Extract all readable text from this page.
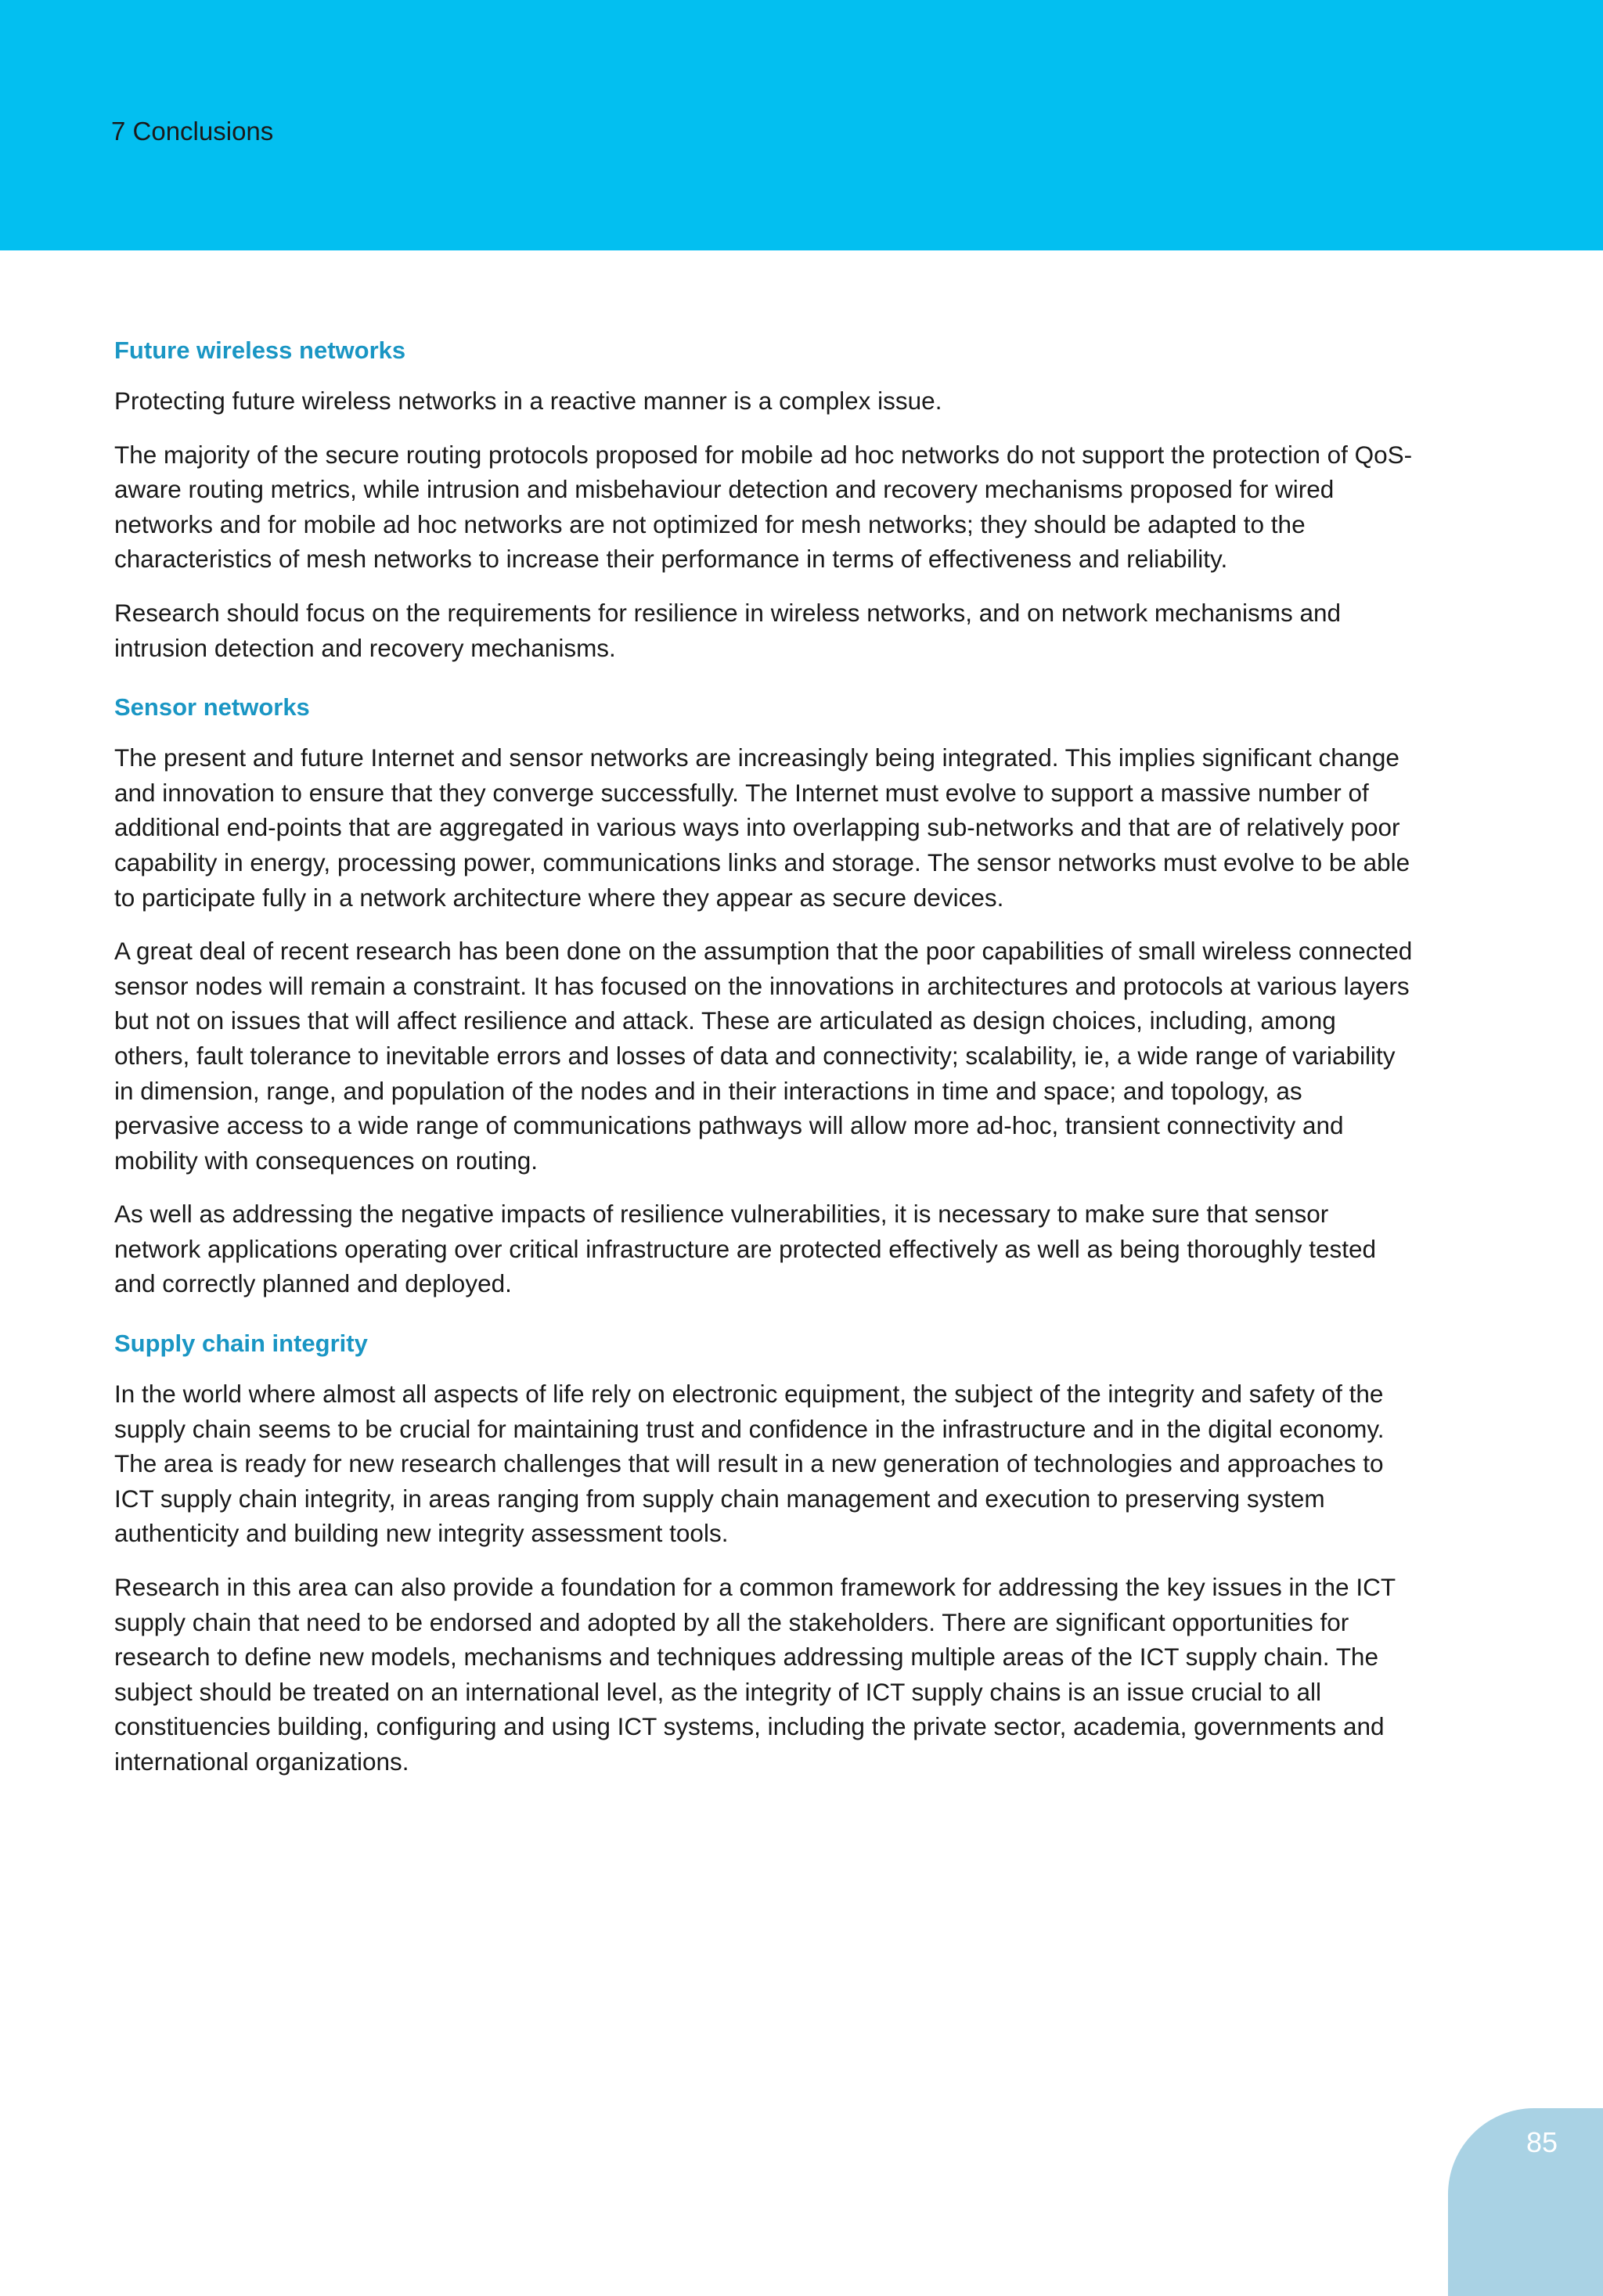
7 Conclusions
Future wireless networks

Protecting future wireless networks in a reactive manner is a complex issue.

The majority of the secure routing protocols proposed for mobile ad hoc networks do not support the protection of QoS-aware routing metrics, while intrusion and misbehaviour detection and recovery mechanisms proposed for wired networks and for mobile ad hoc networks are not optimized for mesh networks; they should be adapted to the characteristics of mesh networks to increase their performance in terms of effectiveness and reliability.

Research should focus on the requirements for resilience in wireless networks, and on network mechanisms and intrusion detection and recovery mechanisms.

Sensor networks

The present and future Internet and sensor networks are increasingly being integrated. This implies significant change and innovation to ensure that they converge successfully. The Internet must evolve to support a massive number of additional end-points that are aggregated in various ways into overlapping sub-networks and that are of relatively poor capability in energy, processing power, communications links and storage. The sensor networks must evolve to be able to participate fully in a network architecture where they appear as secure devices.

A great deal of recent research has been done on the assumption that the poor capabilities of small wireless connected sensor nodes will remain a constraint. It has focused on the innovations in architectures and protocols at various layers but not on issues that will affect resilience and attack. These are articulated as design choices, including, among others, fault tolerance to inevitable errors and losses of data and connectivity; scalability, ie, a wide range of variability in dimension, range, and population of the nodes and in their interactions in time and space; and topology, as pervasive access to a wide range of communications pathways will allow more ad-hoc, transient connectivity and mobility with consequences on routing.

As well as addressing the negative impacts of resilience vulnerabilities, it is necessary to make sure that sensor network applications operating over critical infrastructure are protected effectively as well as being thoroughly tested and correctly planned and deployed.

Supply chain integrity

In the world where almost all aspects of life rely on electronic equipment, the subject of the integrity and safety of the supply chain seems to be crucial for maintaining trust and confidence in the infrastructure and in the digital economy. The area is ready for new research challenges that will result in a new generation of technologies and approaches to ICT supply chain integrity, in areas ranging from supply chain management and execution to preserving system authenticity and building new integrity assessment tools.

Research in this area can also provide a foundation for a common framework for addressing the key issues in the ICT supply chain that need to be endorsed and adopted by all the stakeholders. There are significant opportunities for research to define new models, mechanisms and techniques addressing multiple areas of the ICT supply chain. The subject should be treated on an international level, as the integrity of ICT supply chains is an issue crucial to all constituencies building, configuring and using ICT systems, including the private sector, academia, governments and international organizations.

85
